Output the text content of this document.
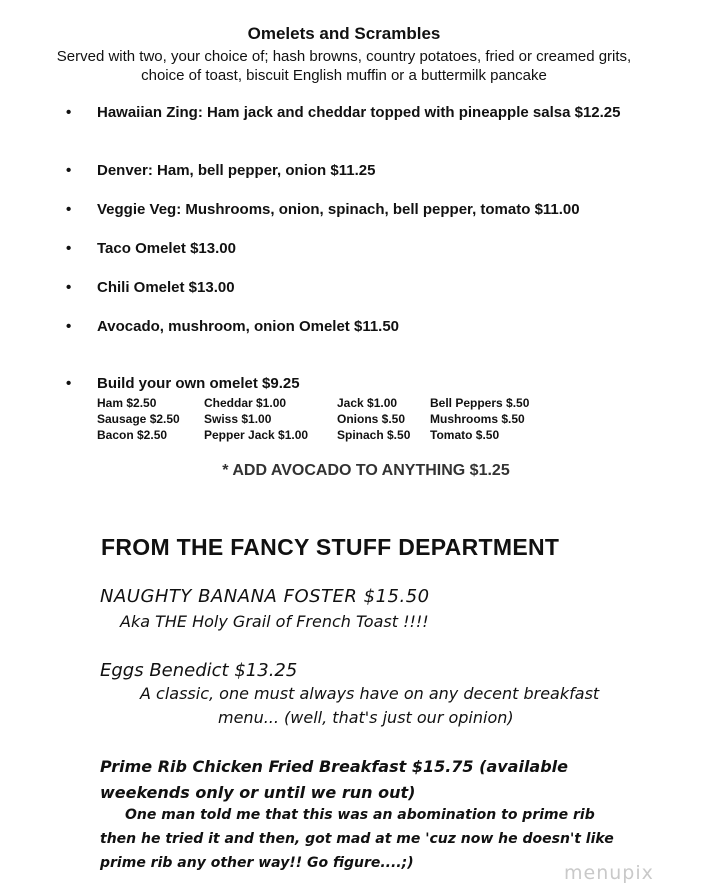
Omelets and Scrambles
Served with two, your choice of; hash browns, country potatoes, fried or creamed grits, choice of toast, biscuit English muffin or a buttermilk pancake
Hawaiian Zing: Ham jack and cheddar topped with pineapple salsa $12.25
Denver: Ham, bell pepper, onion $11.25
Veggie Veg: Mushrooms, onion, spinach, bell pepper, tomato $11.00
Taco Omelet $13.00
Chili Omelet $13.00
Avocado, mushroom, onion Omelet $11.50
Build your own omelet $9.25
Ham $2.50
Sausage $2.50
Bacon $2.50
Cheddar $1.00
Swiss $1.00
Pepper Jack $1.00
Jack $1.00
Onions $.50
Spinach $.50
Bell Peppers $.50
Mushrooms $.50
Tomato $.50
* ADD AVOCADO TO ANYTHING $1.25
FROM THE FANCY STUFF DEPARTMENT
NAUGHTY BANANA FOSTER $15.50
Aka THE Holy Grail of French Toast !!!!
Eggs Benedict $13.25
A classic, one must always have on any decent breakfast
menu... (well, that's just our opinion)
Prime Rib Chicken Fried Breakfast $15.75 (available
weekends only or until we run out)
One man told me that this was an abomination to prime rib
then he tried it and then, got mad at me 'cuz now he doesn't like
prime rib any other way!! Go figure....;)	menupix
